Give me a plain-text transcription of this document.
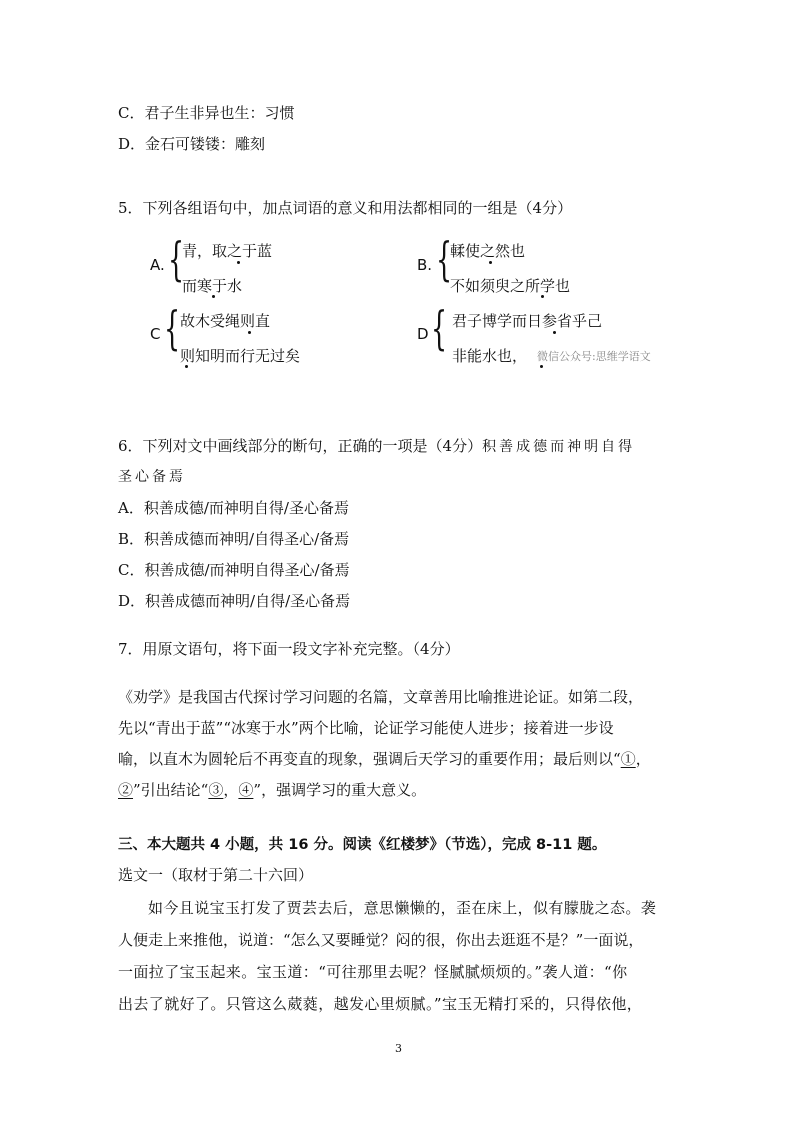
C．君子生非异也生：习惯
D．金石可镂镂：雕刻
5．下列各组语句中，加点词语的意义和用法都相同的一组是（4分）
A. {
青，取之于蓝
而寒于水
B. {
輮使之然也
不如须臾之所学也
C { 故木受绳则直
则知明而行无过矣
D { 君子博学而日参省乎己
非能水也， 微信公众号:思维学语文
6．下列对文中画线部分的断句，正确的一项是（4分）积善成德而神明自得
圣心备焉
A．积善成德/而神明自得/圣心备焉
B．积善成德而神明/自得圣心/备焉
C．积善成德/而神明自得圣心/备焉
D．积善成德而神明/自得/圣心备焉
7．用原文语句，将下面一段文字补充完整。（4分）
《劝学》是我国古代探讨学习问题的名篇，文章善用比喻推进论证。如第二段，
先以“青出于蓝”“冰寒于水”两个比喻，论证学习能使人进步；接着进一步设
喻，以直木为圆轮后不再变直的现象，强调后天学习的重要作用；最后则以“①，
②”引出结论“③，④”，强调学习的重大意义。
三、本大题共 4 小题，共 16 分。阅读《红楼梦》（节选），完成 8-11 题。
选文一（取材于第二十六回）
如今且说宝玉打发了贾芸去后，意思懒懒的，歪在床上，似有朦胧之态。袭
人便走上来推他，说道：“怎么又要睡觉？闷的很，你出去逛逛不是？”一面说，
一面拉了宝玉起来。宝玉道：“可往那里去呢？怪腻腻烦烦的。”袭人道：“你
出去了就好了。只管这么葳蕤，越发心里烦腻。”宝玉无精打采的，只得依他，
3
